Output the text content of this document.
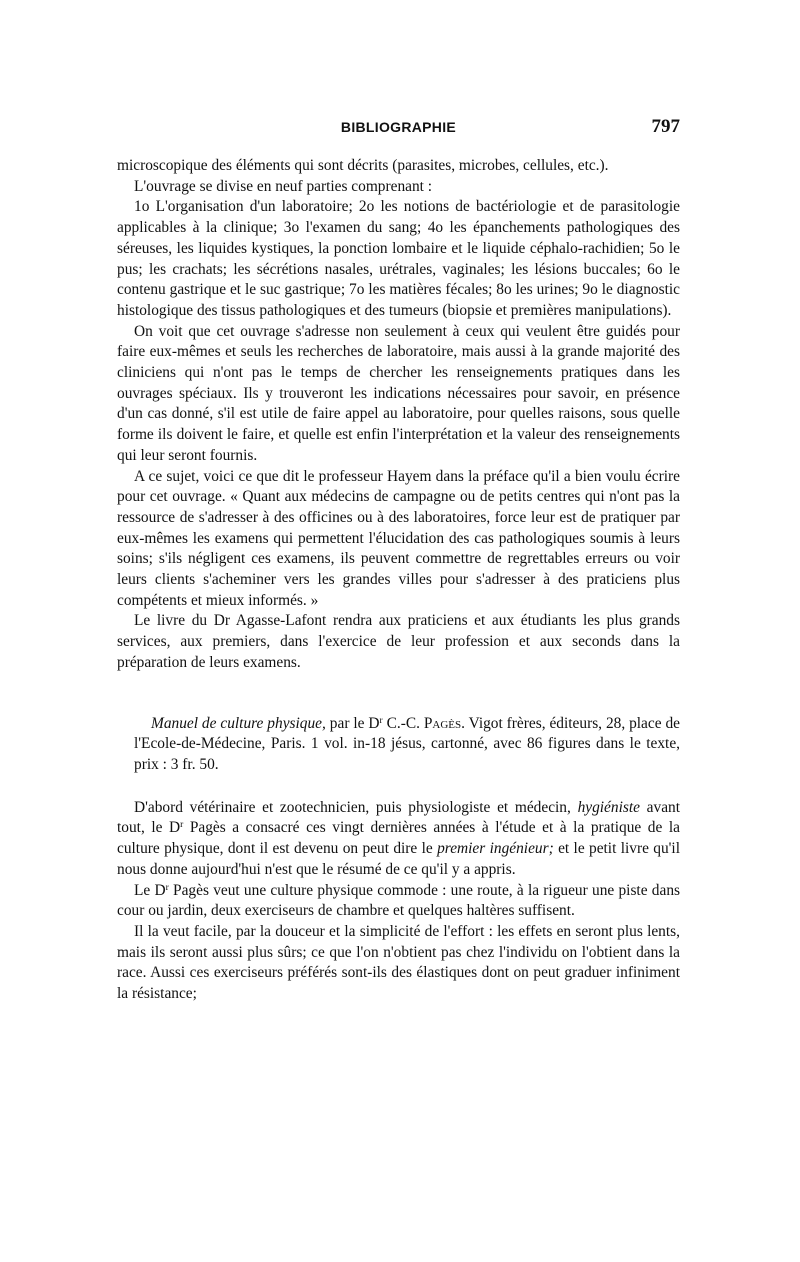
BIBLIOGRAPHIE	797

microscopique des éléments qui sont décrits (parasites, microbes, cellules, etc.).

L'ouvrage se divise en neuf parties comprenant :

1o L'organisation d'un laboratoire; 2o les notions de bactériologie et de parasitologie applicables à la clinique; 3o l'examen du sang; 4o les épanchements pathologiques des séreuses, les liquides kystiques, la ponction lombaire et le liquide céphalo-rachidien; 5o le pus; les crachats; les sécrétions nasales, urétrales, vaginales; les lésions buccales; 6o le contenu gastrique et le suc gastrique; 7o les matières fécales; 8o les urines; 9o le diagnostic histologique des tissus pathologiques et des tumeurs (biopsie et premières manipulations).

On voit que cet ouvrage s'adresse non seulement à ceux qui veulent être guidés pour faire eux-mêmes et seuls les recherches de laboratoire, mais aussi à la grande majorité des cliniciens qui n'ont pas le temps de chercher les renseignements pratiques dans les ouvrages spéciaux. Ils y trouveront les indications nécessaires pour savoir, en présence d'un cas donné, s'il est utile de faire appel au laboratoire, pour quelles raisons, sous quelle forme ils doivent le faire, et quelle est enfin l'interprétation et la valeur des renseignements qui leur seront fournis.

A ce sujet, voici ce que dit le professeur Hayem dans la préface qu'il a bien voulu écrire pour cet ouvrage. « Quant aux médecins de campagne ou de petits centres qui n'ont pas la ressource de s'adresser à des officines ou à des laboratoires, force leur est de pratiquer par eux-mêmes les examens qui permettent l'élucidation des cas pathologiques soumis à leurs soins; s'ils négligent ces examens, ils peuvent commettre de regrettables erreurs ou voir leurs clients s'acheminer vers les grandes villes pour s'adresser à des praticiens plus compétents et mieux informés. »

Le livre du Dr Agasse-Lafont rendra aux praticiens et aux étudiants les plus grands services, aux premiers, dans l'exercice de leur profession et aux seconds dans la préparation de leurs examens.

Manuel de culture physique, par le $D^r$ C.-C. Pagès. Vigot frères, éditeurs, 28, place de l'Ecole-de-Médecine, Paris. 1 vol. in-18 jésus, cartonné, avec 86 figures dans le texte, prix : 3 fr. 50.

D'abord vétérinaire et zootechnicien, puis physiologiste et médecin, hygiéniste avant tout, le $D^r$ Pagès a consacré ces vingt dernières années à l'étude et à la pratique de la culture physique, dont il est devenu on peut dire le premier ingénieur; et le petit livre qu'il nous donne aujourd'hui n'est que le résumé de ce qu'il y a appris.

Le $D^r$ Pagès veut une culture physique commode : une route, à la rigueur une piste dans cour ou jardin, deux exerciseurs de chambre et quelques haltères suffisent.

Il la veut facile, par la douceur et la simplicité de l'effort : les effets en seront plus lents, mais ils seront aussi plus sûrs; ce que l'on n'obtient pas chez l'individu on l'obtient dans la race. Aussi ces exerciseurs préférés sont-ils des élastiques dont on peut graduer infiniment la résistance;
